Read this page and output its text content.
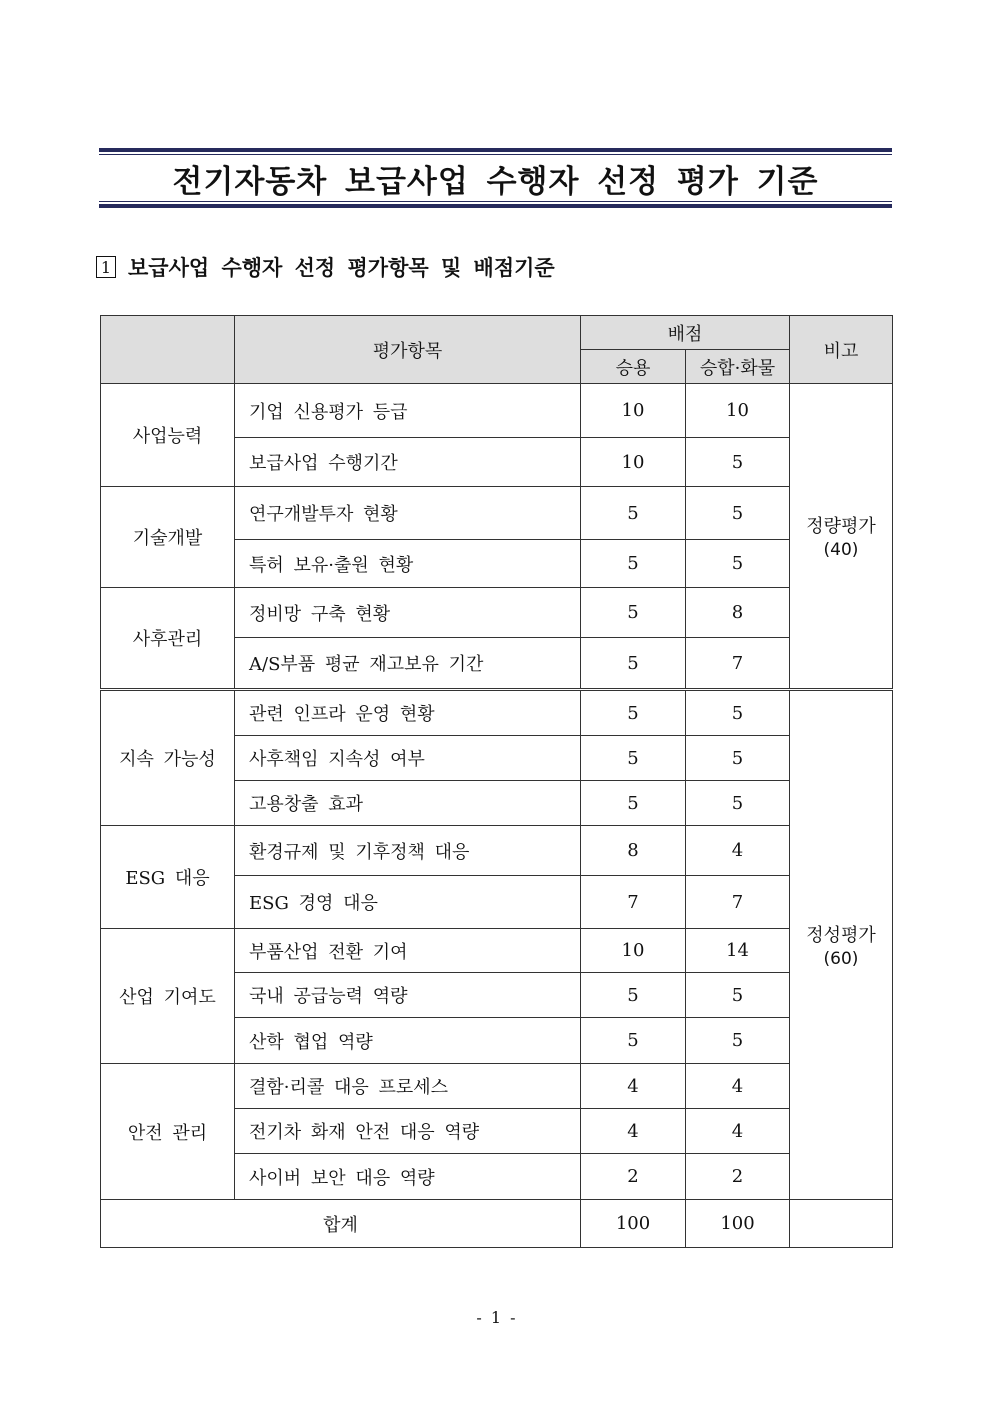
전기자동차 보급사업 수행자 선정 평가 기준
1 보급사업 수행자 선정 평가항목 및 배점기준
	평가항목	배점		비고
		승용	승합·화물	
사업능력	기업 신용평가 등급	10	10	정량평가
(40)

	보급사업 수행기간	10	5	
기술개발	연구개발투자 현황	5	5	
	특허 보유·출원 현황	5	5	
사후관리	정비망 구축 현황	5	8	
	A/S부품 평균 재고보유 기간	5	7	
지속 가능성	관련 인프라 운영 현황	5	5	정성평가
(60)

	사후책임 지속성 여부	5	5	
	고용창출 효과	5	5	
ESG 대응	환경규제 및 기후정책 대응	8	4	
	ESG 경영 대응	7	7	
산업 기여도	부품산업 전환 기여	10	14	
	국내 공급능력 역량	5	5	
	산학 협업 역량	5	5	
안전 관리	결함·리콜 대응 프로세스	4	4	
	전기차 화재 안전 대응 역량	4	4	
	사이버 보안 대응 역량	2	2	
합계		100	100	
- 1 -
